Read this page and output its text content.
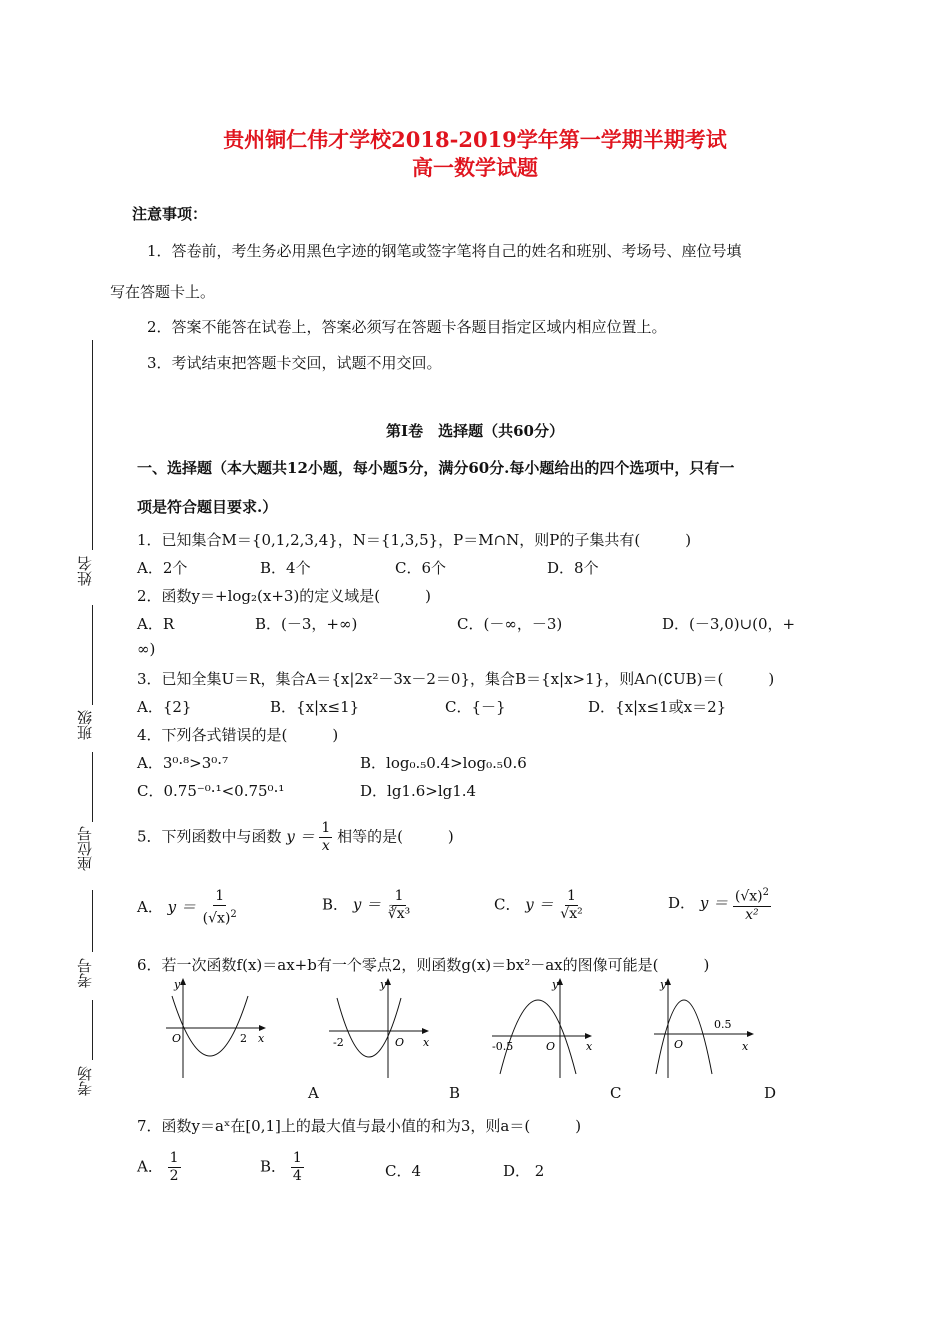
贵州铜仁伟才学校2018-2019学年第一学期半期考试
高一数学试题
注意事项：
1．答卷前，考生务必用黑色字迹的钢笔或签字笔将自己的姓名和班别、考场号、座位号填
写在答题卡上。
2．答案不能答在试卷上，答案必须写在答题卡各题目指定区域内相应位置上。
3．考试结束把答题卡交回，试题不用交回。
第Ⅰ卷　选择题（共60分）
一、选择题（本大题共12小题，每小题5分，满分60分.每小题给出的四个选项中，只有一
项是符合题目要求.）
姓名
班级
座位号
考号
考场
1．已知集合M＝{0,1,2,3,4}，N＝{1,3,5}，P＝M∩N，则P的子集共有(　　　)
A．2个	B．4个	C．6个	D．8个
2．函数y＝+log₂(x+3)的定义域是(　　　)
A．R	B．(－3，+∞)	C．(－∞，－3)	D．(－3,0)∪(0，+
∞)
3．已知全集U＝R，集合A＝{x|2x²－3x－2＝0}，集合B＝{x|x>1}，则A∩(∁UB)＝(　　　)
A．{2}	B．{x|x≤1}	C．{－}	D．{x|x≤1或x＝2}
4．下列各式错误的是(　　　)
A．3⁰·⁸>3⁰·⁷	B．log₀.₅0.4>log₀.₅0.6
C．0.75⁻⁰·¹<0.75⁰·¹	D．lg1.6>lg1.4
5．下列函数中与函数 $y = \frac{1}{x}$ 相等的是(　　　)
A． $y = \frac{1}{(√x)^2}$	B． $y = \frac{1}{\text{∛x³}}$	C． $y = \frac{1}{\text{√x²}}$	D． $y = \frac{(√x)^2}{\text{x²}}$
6．若一次函数f(x)＝ax+b有一个零点2，则函数g(x)＝bx²－ax的图像可能是(　　　)
y
O	2 x
A
y
-2	O x
B
y
-0.5	O	x
C
y
O
0.5
x
D
7．函数y＝aˣ在[0,1]上的最大值与最小值的和为3，则a＝(　　　)
A． $\frac{1}{2}$	B． $\frac{1}{4}$	C．4	D． 2
